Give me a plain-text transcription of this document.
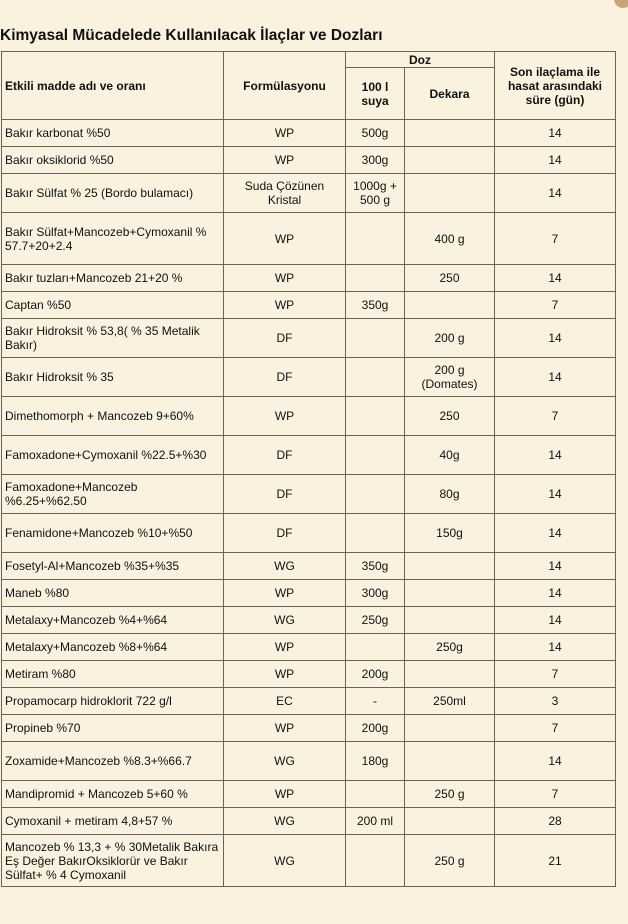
Kimyasal Mücadelede Kullanılacak İlaçlar ve Dozları
Etkili madde adı ve oranı	Formülasyonu	Doz		Son ilaçlama ile hasat arasındaki süre (gün)
		100 l suya	Dekara	
Bakır karbonat %50	WP	500g		14
Bakır oksiklorid %50	WP	300g		14
Bakır Sülfat % 25 (Bordo bulamacı)	Suda Çözünen Kristal	1000g + 500 g		14
Bakır Sülfat+Mancozeb+Cymoxanil % 57.7+20+2.4	WP		400 g	7
Bakır tuzları+Mancozeb 21+20 %	WP		250	14
Captan %50	WP	350g		7
Bakır Hidroksit % 53,8( % 35 Metalik Bakır)	DF		200 g	14
Bakır Hidroksit % 35	DF		200 g (Domates)	14
Dimethomorph + Mancozeb 9+60%	WP		250	7
Famoxadone+Cymoxanil %22.5+%30	DF		40g	14
Famoxadone+Mancozeb %6.25+%62.50	DF		80g	14
Fenamidone+Mancozeb %10+%50	DF		150g	14
Fosetyl-Al+Mancozeb %35+%35	WG	350g		14
Maneb %80	WP	300g		14
Metalaxy+Mancozeb %4+%64	WG	250g		14
Metalaxy+Mancozeb %8+%64	WP		250g	14
Metiram %80	WP	200g		7
Propamocarp hidroklorit 722 g/l	EC	-	250ml	3
Propineb %70	WP	200g		7
Zoxamide+Mancozeb %8.3+%66.7	WG	180g		14
Mandipromid + Mancozeb 5+60 %	WP		250 g	7
Cymoxanil + metiram 4,8+57 %	WG	200 ml		28
Mancozeb % 13,3 + % 30Metalik Bakıra Eş Değer BakırOksiklorür ve Bakır Sülfat+ % 4 Cymoxanil	WG		250 g	21
